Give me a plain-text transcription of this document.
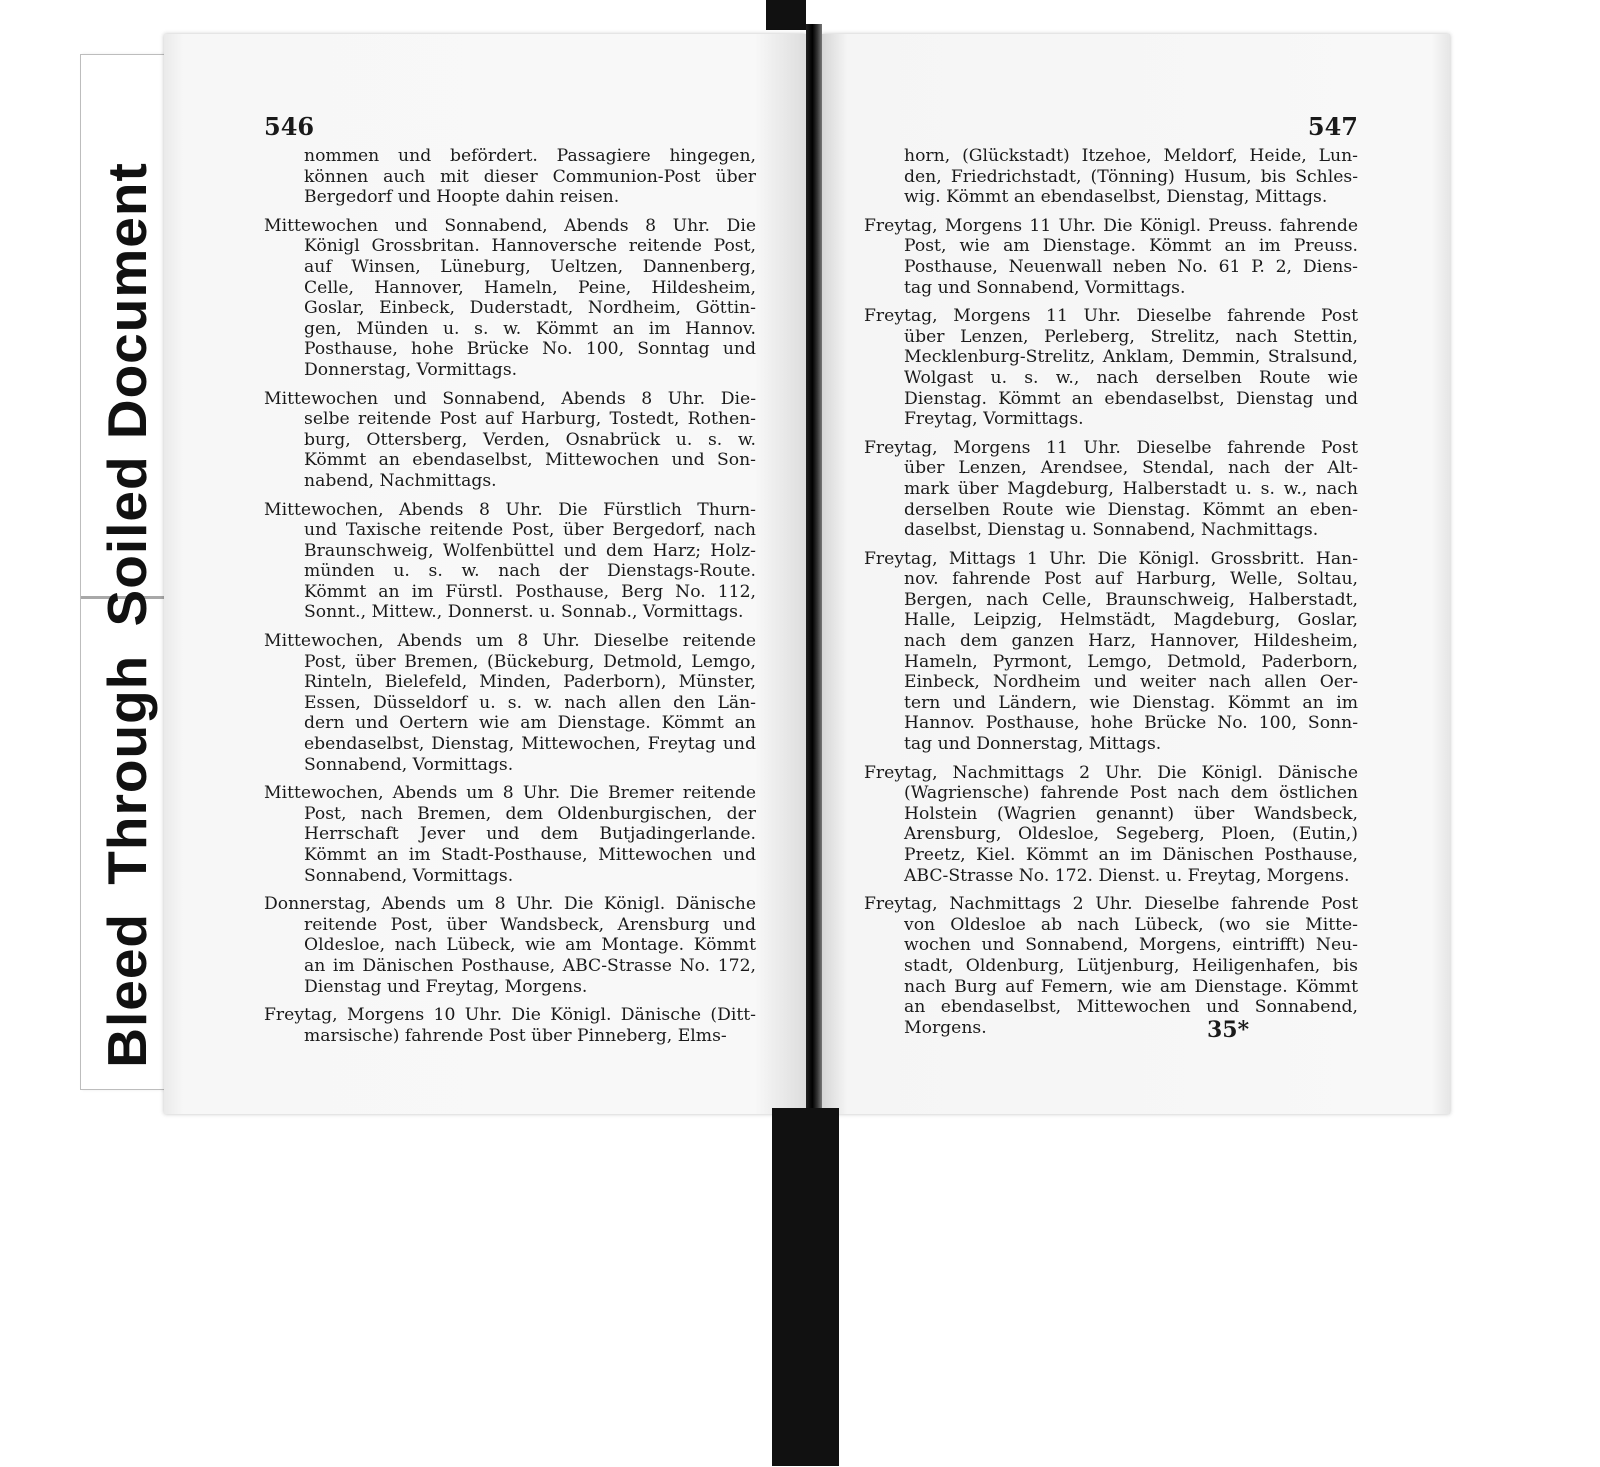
Bleed Through Soiled Document
546
nommen und befördert. Passagiere hingegen,
können auch mit dieser Communion-Post über
Bergedorf und Hoopte dahin reisen.
Mittewochen und Sonnabend, Abends 8 Uhr. Die
Königl Grossbritan. Hannoversche reitende Post,
auf Winsen, Lüneburg, Ueltzen, Dannenberg,
Celle, Hannover, Hameln, Peine, Hildesheim,
Goslar, Einbeck, Duderstadt, Nordheim, Göttin-
gen, Münden u. s. w. Kömmt an im Hannov.
Posthause, hohe Brücke No. 100, Sonntag und
Donnerstag, Vormittags.
Mittewochen und Sonnabend, Abends 8 Uhr. Die-
selbe reitende Post auf Harburg, Tostedt, Rothen-
burg, Ottersberg, Verden, Osnabrück u. s. w.
Kömmt an ebendaselbst, Mittewochen und Son-
nabend, Nachmittags.
Mittewochen, Abends 8 Uhr. Die Fürstlich Thurn-
und Taxische reitende Post, über Bergedorf, nach
Braunschweig, Wolfenbüttel und dem Harz; Holz-
münden u. s. w. nach der Dienstags-Route.
Kömmt an im Fürstl. Posthause, Berg No. 112,
Sonnt., Mittew., Donnerst. u. Sonnab., Vormittags.
Mittewochen, Abends um 8 Uhr. Dieselbe reitende
Post, über Bremen, (Bückeburg, Detmold, Lemgo,
Rinteln, Bielefeld, Minden, Paderborn), Münster,
Essen, Düsseldorf u. s. w. nach allen den Län-
dern und Oertern wie am Dienstage. Kömmt an
ebendaselbst, Dienstag, Mittewochen, Freytag und
Sonnabend, Vormittags.
Mittewochen, Abends um 8 Uhr. Die Bremer reitende
Post, nach Bremen, dem Oldenburgischen, der
Herrschaft Jever und dem Butjadingerlande.
Kömmt an im Stadt-Posthause, Mittewochen und
Sonnabend, Vormittags.
Donnerstag, Abends um 8 Uhr. Die Königl. Dänische
reitende Post, über Wandsbeck, Arensburg und
Oldesloe, nach Lübeck, wie am Montage. Kömmt
an im Dänischen Posthause, ABC-Strasse No. 172,
Dienstag und Freytag, Morgens.
Freytag, Morgens 10 Uhr. Die Königl. Dänische (Ditt-
marsische) fahrende Post über Pinneberg, Elms-
547
horn, (Glückstadt) Itzehoe, Meldorf, Heide, Lun-
den, Friedrichstadt, (Tönning) Husum, bis Schles-
wig. Kömmt an ebendaselbst, Dienstag, Mittags.
Freytag, Morgens 11 Uhr. Die Königl. Preuss. fahrende
Post, wie am Dienstage. Kömmt an im Preuss.
Posthause, Neuenwall neben No. 61 P. 2, Diens-
tag und Sonnabend, Vormittags.
Freytag, Morgens 11 Uhr. Dieselbe fahrende Post
über Lenzen, Perleberg, Strelitz, nach Stettin,
Mecklenburg-Strelitz, Anklam, Demmin, Stralsund,
Wolgast u. s. w., nach derselben Route wie
Dienstag. Kömmt an ebendaselbst, Dienstag und
Freytag, Vormittags.
Freytag, Morgens 11 Uhr. Dieselbe fahrende Post
über Lenzen, Arendsee, Stendal, nach der Alt-
mark über Magdeburg, Halberstadt u. s. w., nach
derselben Route wie Dienstag. Kömmt an eben-
daselbst, Dienstag u. Sonnabend, Nachmittags.
Freytag, Mittags 1 Uhr. Die Königl. Grossbritt. Han-
nov. fahrende Post auf Harburg, Welle, Soltau,
Bergen, nach Celle, Braunschweig, Halberstadt,
Halle, Leipzig, Helmstädt, Magdeburg, Goslar,
nach dem ganzen Harz, Hannover, Hildesheim,
Hameln, Pyrmont, Lemgo, Detmold, Paderborn,
Einbeck, Nordheim und weiter nach allen Oer-
tern und Ländern, wie Dienstag. Kömmt an im
Hannov. Posthause, hohe Brücke No. 100, Sonn-
tag und Donnerstag, Mittags.
Freytag, Nachmittags 2 Uhr. Die Königl. Dänische
(Wagriensche) fahrende Post nach dem östlichen
Holstein (Wagrien genannt) über Wandsbeck,
Arensburg, Oldesloe, Segeberg, Ploen, (Eutin,)
Preetz, Kiel. Kömmt an im Dänischen Posthause,
ABC-Strasse No. 172. Dienst. u. Freytag, Morgens.
Freytag, Nachmittags 2 Uhr. Dieselbe fahrende Post
von Oldesloe ab nach Lübeck, (wo sie Mitte-
wochen und Sonnabend, Morgens, eintrifft) Neu-
stadt, Oldenburg, Lütjenburg, Heiligenhafen, bis
nach Burg auf Femern, wie am Dienstage. Kömmt
an ebendaselbst, Mittewochen und Sonnabend,
Morgens.	35*
